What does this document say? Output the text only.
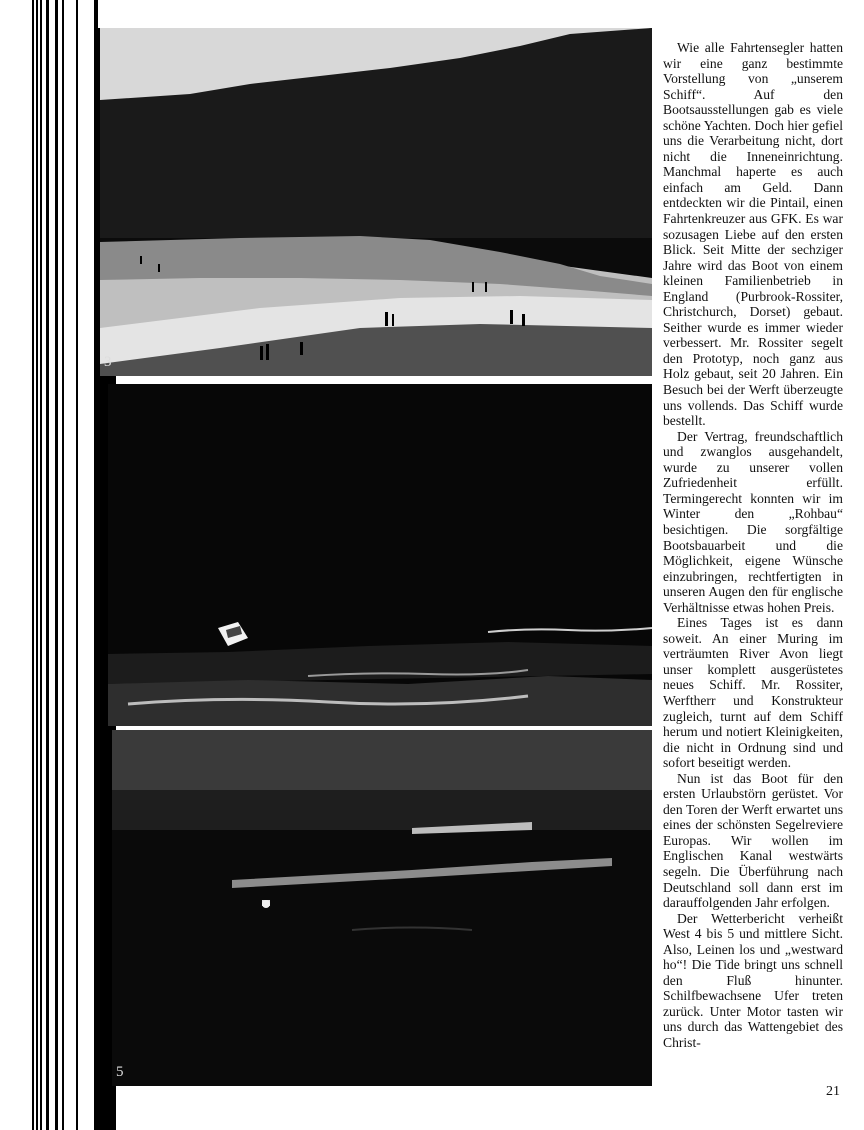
3
5

Wie alle Fahrtensegler hatten wir eine ganz bestimmte Vorstellung von „unserem Schiff“. Auf den Bootsausstellungen gab es viele schöne Yachten. Doch hier gefiel uns die Verarbeitung nicht, dort nicht die Inneneinrichtung. Manchmal haperte es auch einfach am Geld. Dann entdeckten wir die Pintail, einen Fahrtenkreuzer aus GFK. Es war sozusagen Liebe auf den ersten Blick. Seit Mitte der sechziger Jahre wird das Boot von einem kleinen Familienbetrieb in England (Purbrook-Rossiter, Christchurch, Dorset) gebaut. Seither wurde es immer wieder verbessert. Mr. Rossiter segelt den Prototyp, noch ganz aus Holz gebaut, seit 20 Jahren. Ein Besuch bei der Werft überzeugte uns vollends. Das Schiff wurde bestellt.

Der Vertrag, freundschaftlich und zwanglos ausgehandelt, wurde zu unserer vollen Zufriedenheit erfüllt. Termingerecht konnten wir im Winter den „Rohbau“ besichtigen. Die sorgfältige Bootsbauarbeit und die Möglichkeit, eigene Wünsche einzubringen, rechtfertigten in unseren Augen den für englische Verhältnisse etwas hohen Preis.

Eines Tages ist es dann soweit. An einer Muring im verträumten River Avon liegt unser komplett ausgerüstetes neues Schiff. Mr. Rossiter, Werftherr und Konstrukteur zugleich, turnt auf dem Schiff herum und notiert Kleinigkeiten, die nicht in Ordnung sind und sofort beseitigt werden.

Nun ist das Boot für den ersten Urlaubstörn gerüstet. Vor den Toren der Werft erwartet uns eines der schönsten Segelreviere Europas. Wir wollen im Englischen Kanal westwärts segeln. Die Überführung nach Deutschland soll dann erst im darauffolgenden Jahr erfolgen.

Der Wetterbericht verheißt West 4 bis 5 und mittlere Sicht. Also, Leinen los und „westward ho“! Die Tide bringt uns schnell den Fluß hinunter. Schilfbewachsene Ufer treten zurück. Unter Motor tasten wir uns durch das Wattengebiet des Christ-

21
